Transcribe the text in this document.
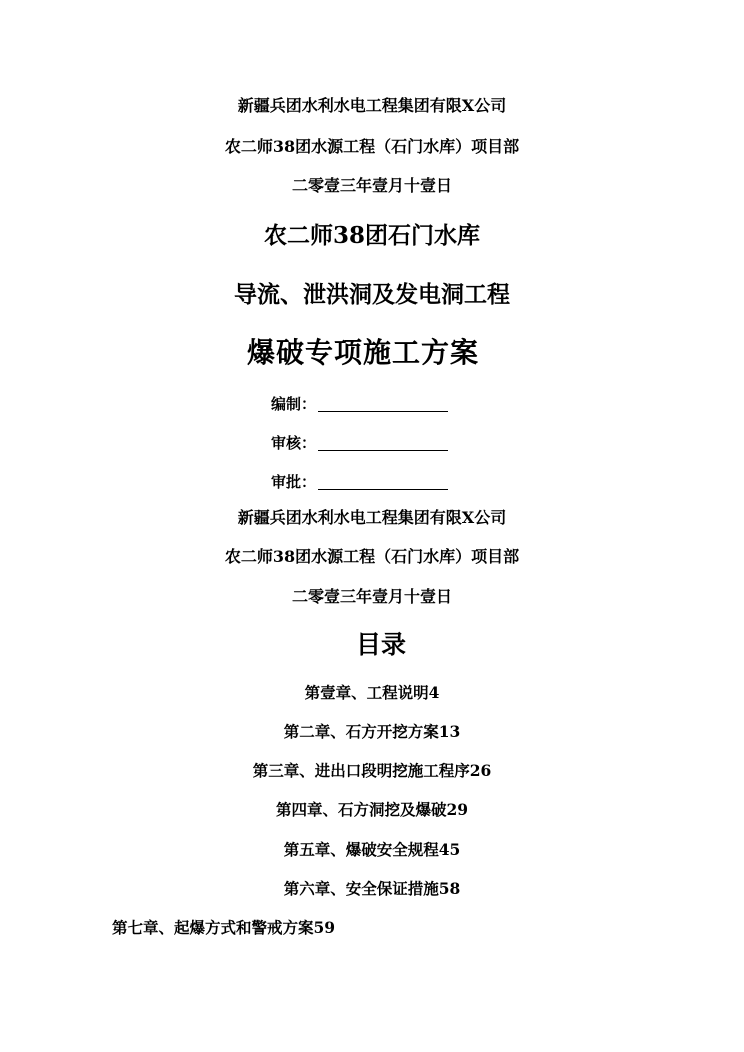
新疆兵团水利水电工程集团有限X公司
农二师38团水源工程（石门水库）项目部
二零壹三年壹月十壹日
农二师38团石门水库
导流、泄洪洞及发电洞工程
爆破专项施工方案
编制：
审核：
审批：
新疆兵团水利水电工程集团有限X公司
农二师38团水源工程（石门水库）项目部
二零壹三年壹月十壹日
目录
第壹章、工程说明4
第二章、石方开挖方案13
第三章、进出口段明挖施工程序26
第四章、石方洞挖及爆破29
第五章、爆破安全规程45
第六章、安全保证措施58
第七章、起爆方式和警戒方案59
